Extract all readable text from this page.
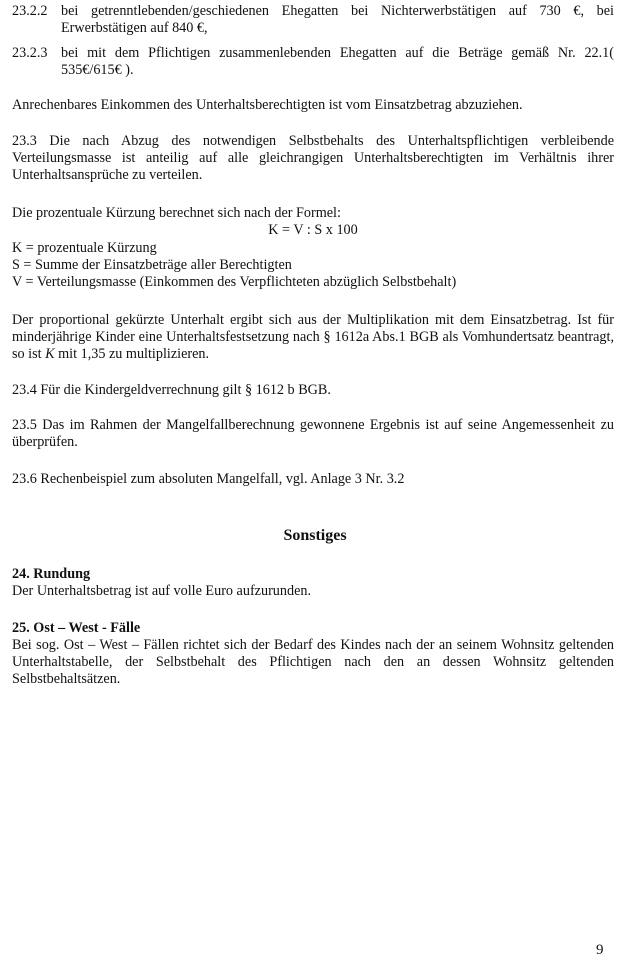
23.2.2 bei getrenntlebenden/geschiedenen Ehegatten bei Nichterwerbstätigen auf 730 €, bei Erwerbstätigen auf 840 €,
23.2.3 bei mit dem Pflichtigen zusammenlebenden Ehegatten auf die Beträge gemäß Nr. 22.1( 535€/615€ ).

Anrechenbares Einkommen des Unterhaltsberechtigten ist vom Einsatzbetrag abzuziehen.

23.3 Die nach Abzug des notwendigen Selbstbehalts des Unterhaltspflichtigen verbleibende Verteilungsmasse ist anteilig auf alle gleichrangigen Unterhaltsberechtigten im Verhältnis ihrer Unterhaltsansprüche zu verteilen.

Die prozentuale Kürzung berechnet sich nach der Formel:

K = V : S x 100

K = prozentuale Kürzung

S = Summe der Einsatzbeträge aller Berechtigten

V = Verteilungsmasse (Einkommen des Verpflichteten abzüglich Selbstbehalt)

Der proportional gekürzte Unterhalt ergibt sich aus der Multiplikation mit dem Einsatzbetrag. Ist für minderjährige Kinder eine Unterhaltsfestsetzung nach § 1612a Abs.1 BGB als Vomhundertsatz beantragt, so ist K mit 1,35 zu multiplizieren.

23.4 Für die Kindergeldverrechnung gilt § 1612 b BGB.

23.5 Das im Rahmen der Mangelfallberechnung gewonnene Ergebnis ist auf seine Angemessenheit zu überprüfen.

23.6 Rechenbeispiel zum absoluten Mangelfall, vgl. Anlage 3 Nr. 3.2

Sonstiges

24. Rundung

Der Unterhaltsbetrag ist auf volle Euro aufzurunden.

25. Ost – West - Fälle

Bei sog. Ost – West – Fällen richtet sich der Bedarf des Kindes nach der an seinem Wohnsitz geltenden Unterhaltstabelle, der Selbstbehalt des Pflichtigen nach den an dessen Wohnsitz geltenden Selbstbehaltsätzen.

9
